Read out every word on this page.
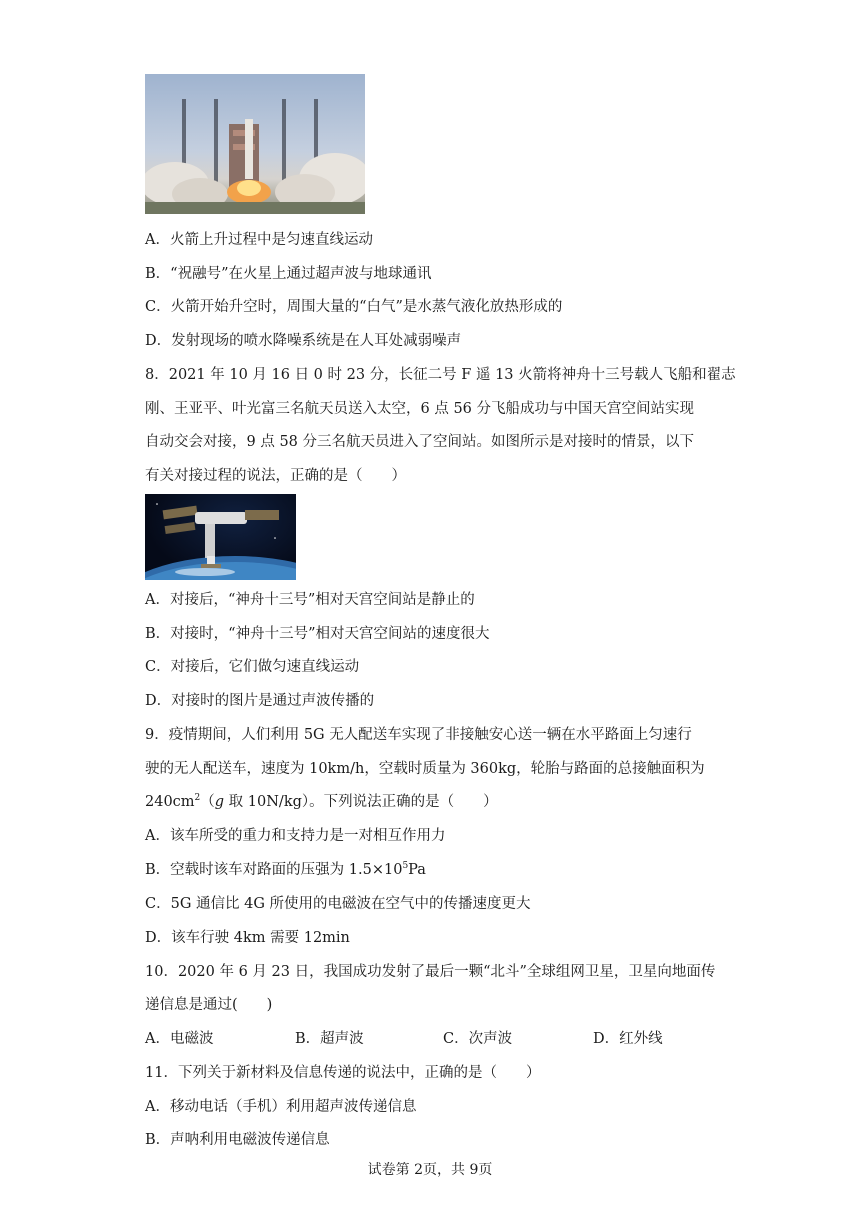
A．火箭上升过程中是匀速直线运动
B．“祝融号”在火星上通过超声波与地球通讯
C．火箭开始升空时，周围大量的“白气”是水蒸气液化放热形成的
D．发射现场的喷水降噪系统是在人耳处减弱噪声
8．2021 年 10 月 16 日 0 时 23 分，长征二号 F 遥 13 火箭将神舟十三号载人飞船和翟志
刚、王亚平、叶光富三名航天员送入太空，6 点 56 分飞船成功与中国天宫空间站实现
自动交会对接，9 点 58 分三名航天员进入了空间站。如图所示是对接时的情景，以下
有关对接过程的说法，正确的是（　　）
A．对接后，“神舟十三号”相对天宫空间站是静止的
B．对接时，“神舟十三号”相对天宫空间站的速度很大
C．对接后，它们做匀速直线运动
D．对接时的图片是通过声波传播的
9．疫情期间，人们利用 5G 无人配送车实现了非接触安心送一辆在水平路面上匀速行
驶的无人配送车，速度为 10km/h，空载时质量为 360kg，轮胎与路面的总接触面积为
$240cm^2(g$ 取 10N/kg）。下列说法正确的是（　　）
A．该车所受的重力和支持力是一对相互作用力
B．空载时该车对路面的压强为 $1.5\times 10^5Pa$
C．5G 通信比 4G 所使用的电磁波在空气中的传播速度更大
D．该车行驶 4km 需要 12min
10．2020 年 6 月 23 日，我国成功发射了最后一颗“北斗”全球组网卫星，卫星向地面传
递信息是通过(　　)
A．电磁波	B．超声波	C．次声波	D．红外线
11．下列关于新材料及信息传递的说法中，正确的是（　　）
A．移动电话（手机）利用超声波传递信息
B．声呐利用电磁波传递信息
试卷第 2页，共 9页
